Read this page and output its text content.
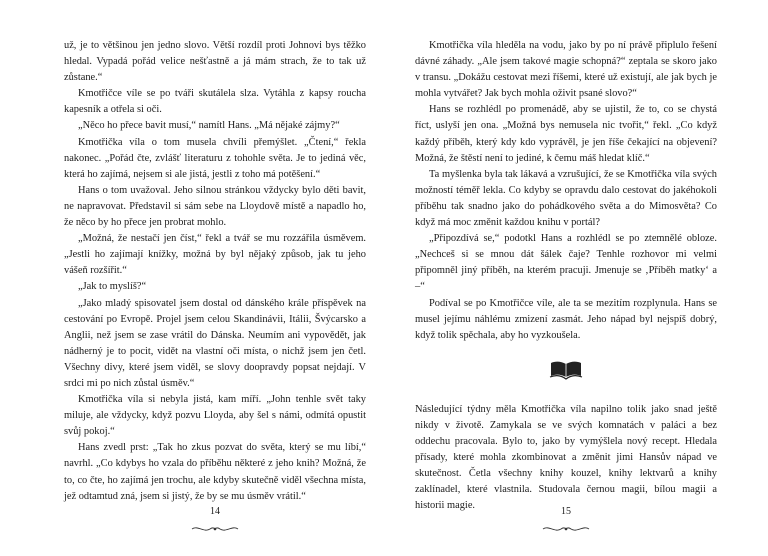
už, je to většinou jen jedno slovo. Větší rozdíl proti Johnovi bys těžko hledal. Vypadá pořád velice nešťastně a já mám strach, že to tak už zůstane.“

Kmotřičce víle se po tváři skutálela slza. Vytáhla z kapsy roucha kapesník a otřela si oči.

„Něco ho přece bavit musí,“ namítl Hans. „Má nějaké zájmy?“

Kmotřička víla o tom musela chvíli přemýšlet. „Čtení,“ řekla nakonec. „Pořád čte, zvlášť literaturu z tohohle světa. Je to jediná věc, která ho zajímá, nejsem si ale jistá, jestli z toho má potěšení.“

Hans o tom uvažoval. Jeho silnou stránkou vždycky bylo děti bavit, ne napravovat. Představil si sám sebe na Lloydově místě a napadlo ho, že něco by ho přece jen probrat mohlo.

„Možná, že nestačí jen číst,“ řekl a tvář se mu rozzářila úsměvem. „Jestli ho zajímají knížky, možná by byl nějaký způsob, jak tu jeho vášeň rozšířit.“

„Jak to myslíš?“

„Jako mladý spisovatel jsem dostal od dánského krále příspěvek na cestování po Evropě. Projel jsem celou Skandinávii, Itálii, Švýcarsko a Anglii, než jsem se zase vrátil do Dánska. Neumím ani vypovědět, jak nádherný je to pocit, vidět na vlastní oči místa, o nichž jsem jen četl. Všechny divy, které jsem viděl, se slovy doopravdy popsat nejdají. V srdci mi po nich zůstal úsměv.“

Kmotřička víla si nebyla jistá, kam míří. „John tenhle svět taky miluje, ale vždycky, když pozvu Lloyda, aby šel s námi, odmítá opustit svůj pokoj.“

Hans zvedl prst: „Tak ho zkus pozvat do světa, který se mu líbí,“ navrhl. „Co kdybys ho vzala do příběhu některé z jeho knih? Možná, že to, co čte, ho zajímá jen trochu, ale kdyby skutečně viděl všechna místa, jež odtamtud zná, jsem si jistý, že by se mu úsměv vrátil.“

14

Kmotřička víla hleděla na vodu, jako by po ní právě připlulo řešení dávné záhady. „Ale jsem takové magie schopná?“ zeptala se skoro jako v transu. „Dokážu cestovat mezi říšemi, které už existují, ale jak bych je mohla vytvářet? Jak bych mohla oživit psané slovo?“

Hans se rozhlédl po promenádě, aby se ujistil, že to, co se chystá říct, uslyší jen ona. „Možná bys nemusela nic tvořit,“ řekl. „Co když každý příběh, který kdy kdo vyprávěl, je jen říše čekající na objevení? Možná, že štěstí není to jediné, k čemu máš hledat klíč.“

Ta myšlenka byla tak lákavá a vzrušující, že se Kmotřička víla svých možností téměř lekla. Co kdyby se opravdu dalo cestovat do jakéhokoli příběhu tak snadno jako do pohádkového světa a do Mimosvěta? Co když má moc změnit každou knihu v portál?

„Připozdívá se,“ podotkl Hans a rozhlédl se po ztemnělé obloze. „Nechceš si se mnou dát šálek čaje? Tenhle rozhovor mi velmi připomněl jiný příběh, na kterém pracuji. Jmenuje se ‚Příběh matky‘ a –“

Podíval se po Kmotřičce víle, ale ta se mezitím rozplynula. Hans se musel jejímu náhlému zmizení zasmát. Jeho nápad byl nejspíš dobrý, když tolik spěchala, aby ho vyzkoušela.

Následující týdny měla Kmotřička víla napilno tolik jako snad ještě nikdy v životě. Zamykala se ve svých komnatách v paláci a bez oddechu pracovala. Bylo to, jako by vymýšlela nový recept. Hledala přísady, které mohla zkombinovat a změnit jimi Hansův nápad ve skutečnost. Četla všechny knihy kouzel, knihy lektvarů a knihy zaklínadel, které vlastnila. Studovala černou magii, bílou magii a historii magie.

15
